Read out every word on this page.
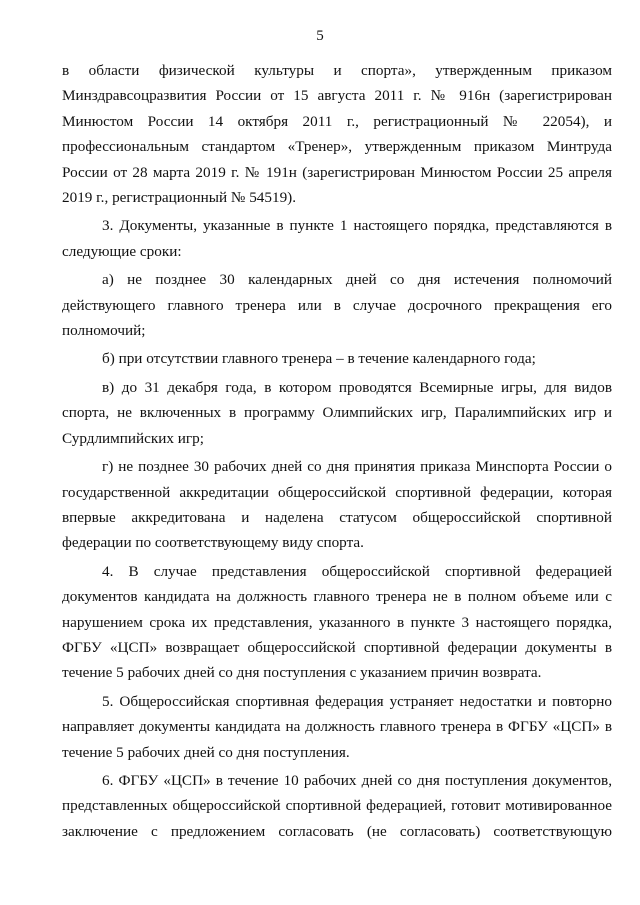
5

в области физической культуры и спорта», утвержденным приказом Минздравсоцразвития России от 15 августа 2011 г. № 916н (зарегистрирован Минюстом России 14 октября 2011 г., регистрационный № 22054), и профессиональным стандартом «Тренер», утвержденным приказом Минтруда России от 28 марта 2019 г. № 191н (зарегистрирован Минюстом России 25 апреля 2019 г., регистрационный № 54519).

3. Документы, указанные в пункте 1 настоящего порядка, представляются в следующие сроки:

а) не позднее 30 календарных дней со дня истечения полномочий действующего главного тренера или в случае досрочного прекращения его полномочий;

б) при отсутствии главного тренера – в течение календарного года;

в) до 31 декабря года, в котором проводятся Всемирные игры, для видов спорта, не включенных в программу Олимпийских игр, Паралимпийских игр и Сурдлимпийских игр;

г) не позднее 30 рабочих дней со дня принятия приказа Минспорта России о государственной аккредитации общероссийской спортивной федерации, которая впервые аккредитована и наделена статусом общероссийской спортивной федерации по соответствующему виду спорта.

4. В случае представления общероссийской спортивной федерацией документов кандидата на должность главного тренера не в полном объеме или с нарушением срока их представления, указанного в пункте 3 настоящего порядка, ФГБУ «ЦСП» возвращает общероссийской спортивной федерации документы в течение 5 рабочих дней со дня поступления с указанием причин возврата.

5. Общероссийская спортивная федерация устраняет недостатки и повторно направляет документы кандидата на должность главного тренера в ФГБУ «ЦСП» в течение 5 рабочих дней со дня поступления.

6. ФГБУ «ЦСП» в течение 10 рабочих дней со дня поступления документов, представленных общероссийской спортивной федерацией, готовит мотивированное заключение с предложением согласовать (не согласовать) соответствующую
